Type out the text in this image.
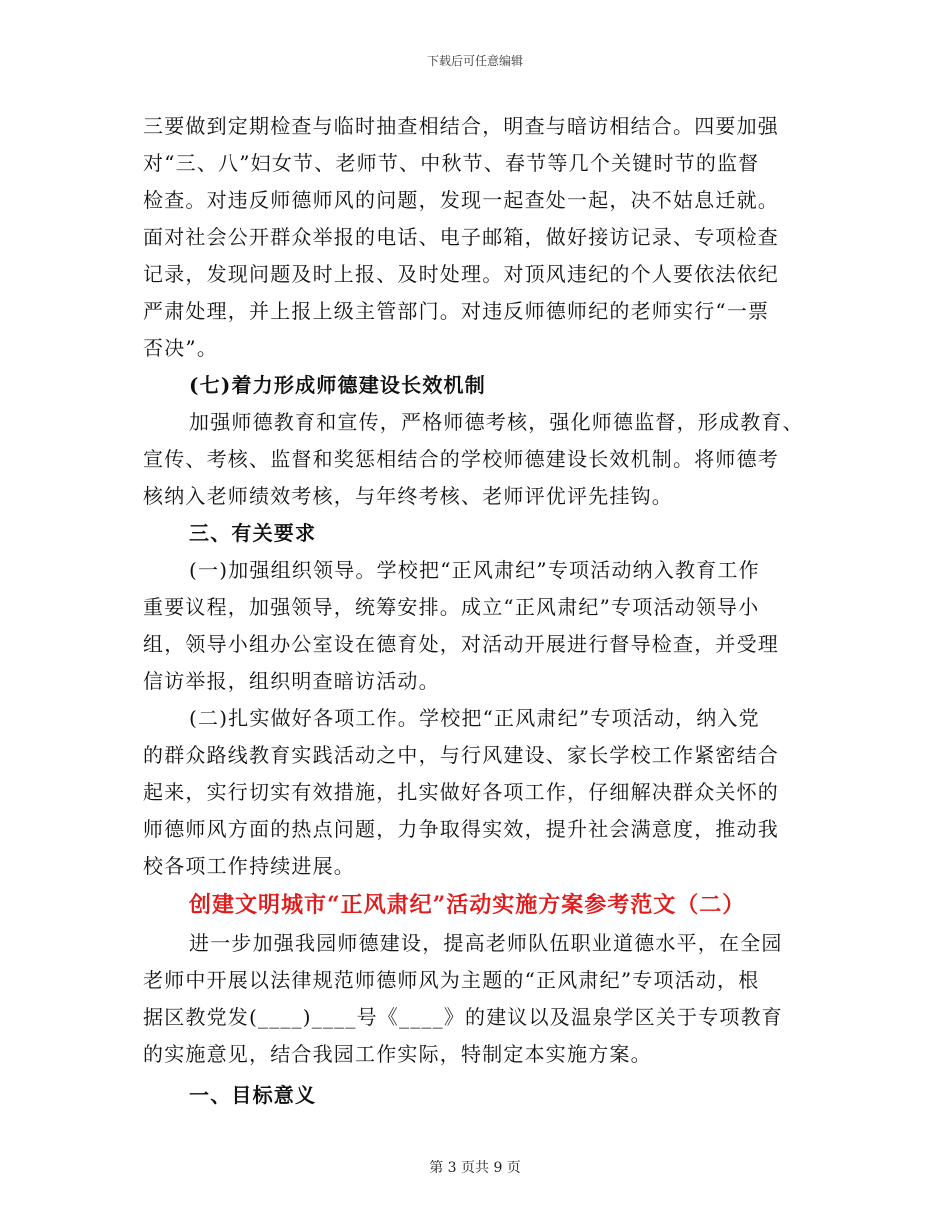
下载后可任意编辑
三要做到定期检查与临时抽查相结合，明查与暗访相结合。四要加强
对“三、八”妇女节、老师节、中秋节、春节等几个关键时节的监督
检查。对违反师德师风的问题，发现一起查处一起，决不姑息迁就。
面对社会公开群众举报的电话、电子邮箱，做好接访记录、专项检查
记录，发现问题及时上报、及时处理。对顶风违纪的个人要依法依纪
严肃处理，并上报上级主管部门。对违反师德师纪的老师实行“一票
否决”。
(七)着力形成师德建设长效机制
加强师德教育和宣传，严格师德考核，强化师德监督，形成教育、
宣传、考核、监督和奖惩相结合的学校师德建设长效机制。将师德考
核纳入老师绩效考核，与年终考核、老师评优评先挂钩。
三、有关要求
(一)加强组织领导。学校把“正风肃纪”专项活动纳入教育工作
重要议程，加强领导，统筹安排。成立“正风肃纪”专项活动领导小
组，领导小组办公室设在德育处，对活动开展进行督导检查，并受理
信访举报，组织明查暗访活动。
(二)扎实做好各项工作。学校把“正风肃纪”专项活动，纳入党
的群众路线教育实践活动之中，与行风建设、家长学校工作紧密结合
起来，实行切实有效措施，扎实做好各项工作，仔细解决群众关怀的
师德师风方面的热点问题，力争取得实效，提升社会满意度，推动我
校各项工作持续进展。
创建文明城市“正风肃纪”活动实施方案参考范文（二）
进一步加强我园师德建设，提高老师队伍职业道德水平，在全园
老师中开展以法律规范师德师风为主题的“正风肃纪”专项活动，根
据区教党发(____)____号《____》的建议以及温泉学区关于专项教育
的实施意见，结合我园工作实际，特制定本实施方案。
一、目标意义
第 3 页共 9 页
